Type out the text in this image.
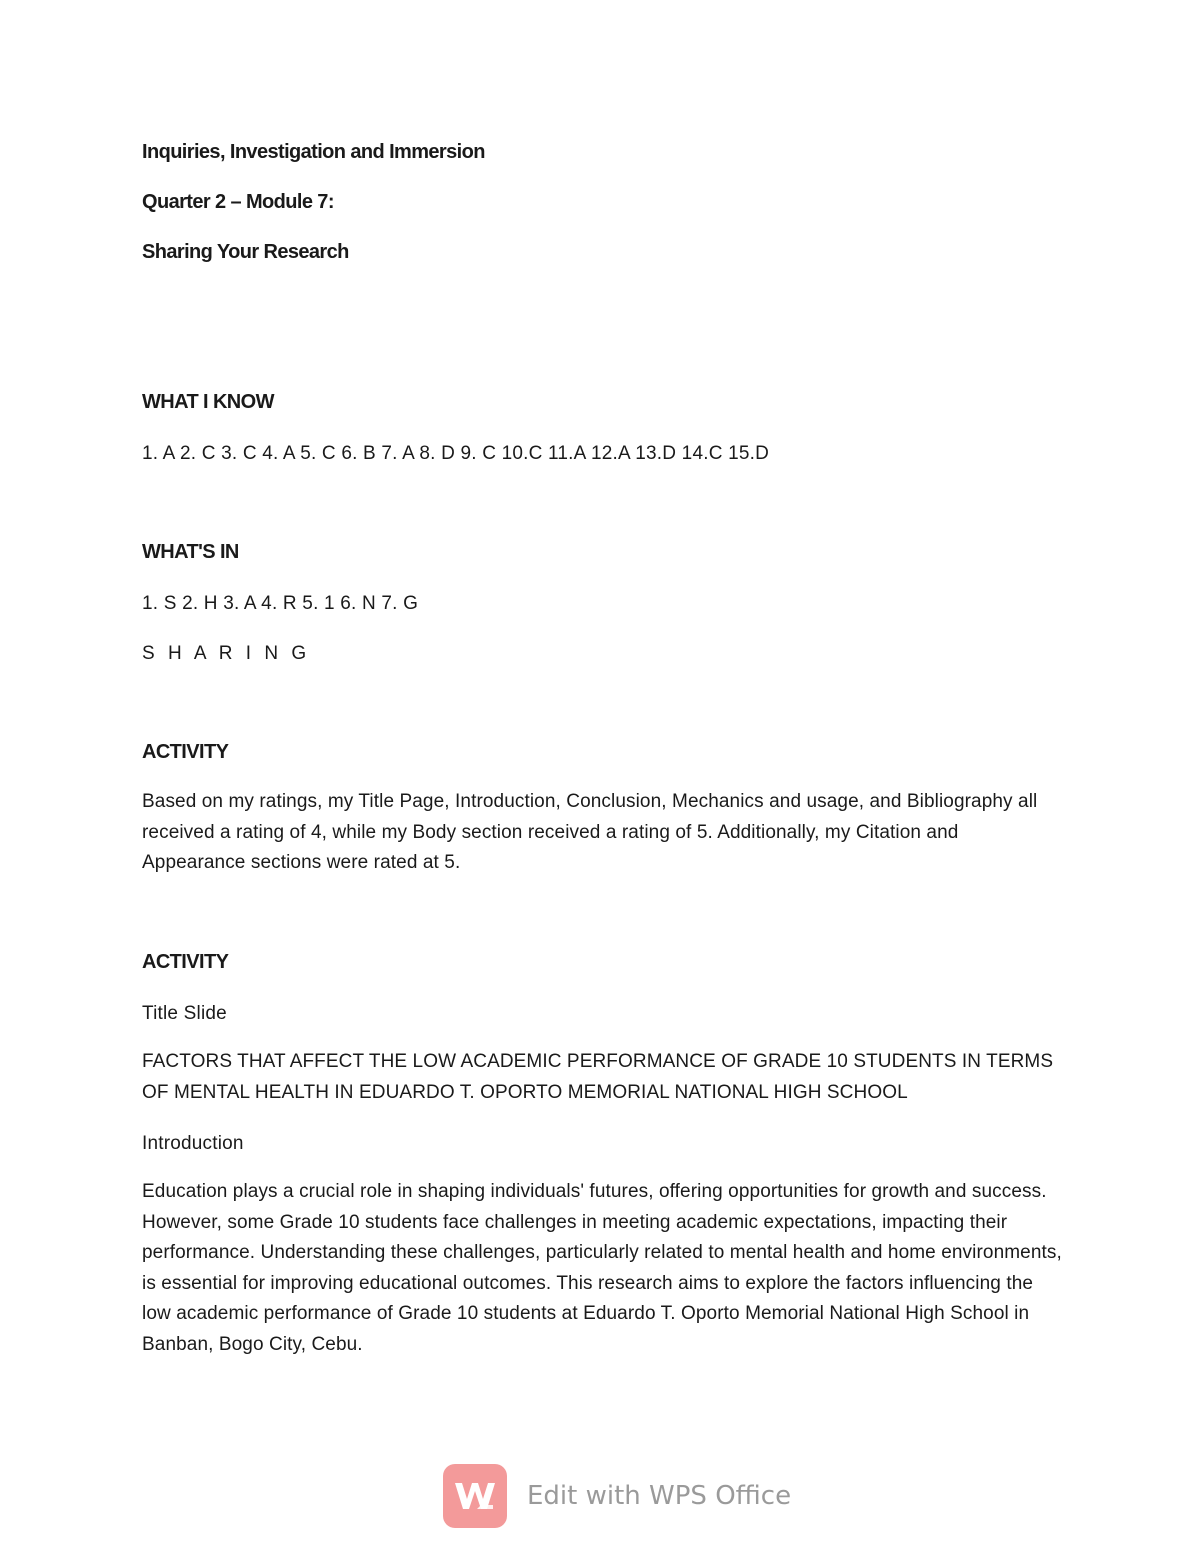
Inquiries, Investigation and Immersion
Quarter 2 – Module 7:
Sharing Your Research
WHAT I KNOW
1. A 2. C 3. C 4. A 5. C 6. B 7. A 8. D 9. C 10.C 11.A 12.A 13.D 14.C 15.D
WHAT'S IN
1. S 2. H 3. A 4. R 5. 1 6. N 7. G
S H A R I N G
ACTIVITY
Based on my ratings, my Title Page, Introduction, Conclusion, Mechanics and usage, and Bibliography all received a rating of 4, while my Body section received a rating of 5. Additionally, my Citation and Appearance sections were rated at 5.
ACTIVITY
Title Slide
FACTORS THAT AFFECT THE LOW ACADEMIC PERFORMANCE OF GRADE 10 STUDENTS IN TERMS OF MENTAL HEALTH IN EDUARDO T. OPORTO MEMORIAL NATIONAL HIGH SCHOOL
Introduction
Education plays a crucial role in shaping individuals' futures, offering opportunities for growth and success. However, some Grade 10 students face challenges in meeting academic expectations, impacting their performance. Understanding these challenges, particularly related to mental health and home environments, is essential for improving educational outcomes. This research aims to explore the factors influencing the low academic performance of Grade 10 students at Eduardo T. Oporto Memorial National High School in Banban, Bogo City, Cebu.
Edit with WPS Office
